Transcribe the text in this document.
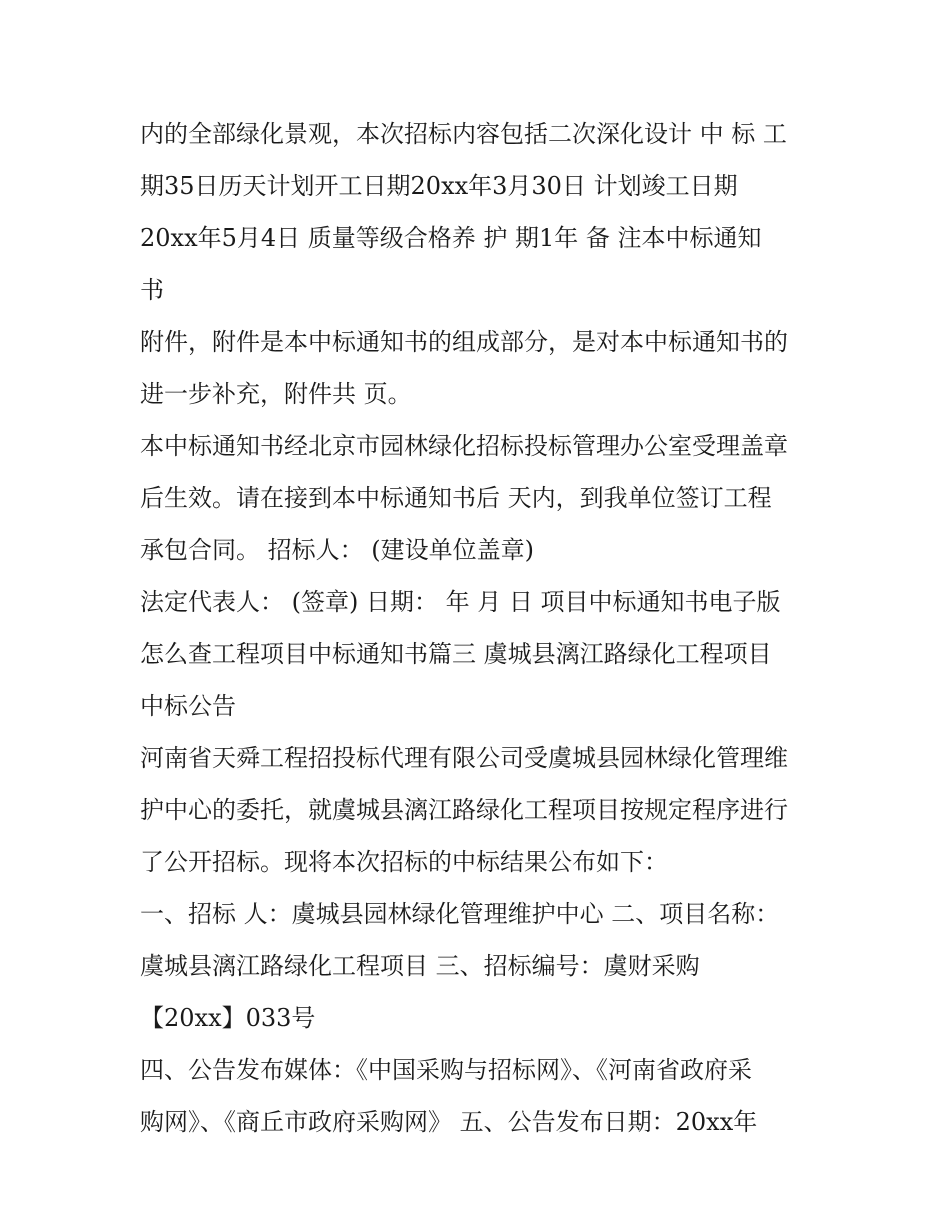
内的全部绿化景观，本次招标内容包括二次深化设计 中 标 工
期35日历天计划开工日期20xx年3月30日 计划竣工日期
20xx年5月4日 质量等级合格养 护 期1年 备 注本中标通知
书
附件，附件是本中标通知书的组成部分，是对本中标通知书的
进一步补充，附件共 页。
本中标通知书经北京市园林绿化招标投标管理办公室受理盖章
后生效。请在接到本中标通知书后 天内，到我单位签订工程
承包合同。 招标人： (建设单位盖章)
法定代表人： (签章) 日期： 年 月 日 项目中标通知书电子版
怎么查工程项目中标通知书篇三 虞城县漓江路绿化工程项目
中标公告
河南省天舜工程招投标代理有限公司受虞城县园林绿化管理维
护中心的委托，就虞城县漓江路绿化工程项目按规定程序进行
了公开招标。现将本次招标的中标结果公布如下：
一、招标 人：虞城县园林绿化管理维护中心 二、项目名称：
虞城县漓江路绿化工程项目 三、招标编号：虞财采购
【20xx】033号
四、公告发布媒体：《中国采购与招标网》、《河南省政府采
购网》、《商丘市政府采购网》 五、公告发布日期：20xx年
